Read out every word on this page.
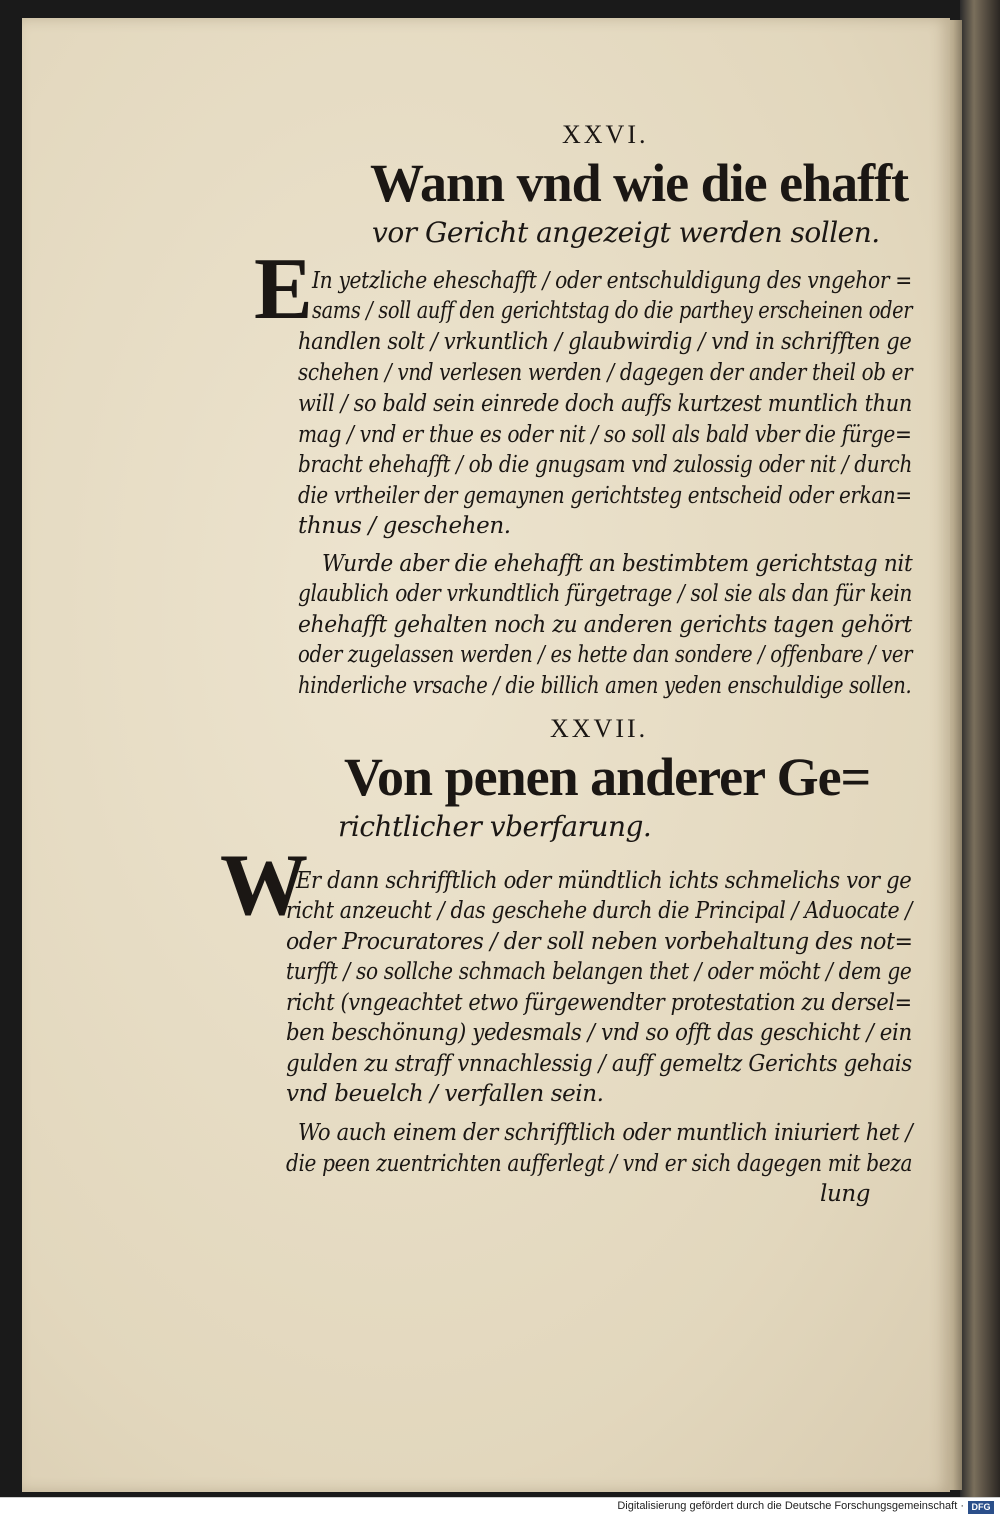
XXVI.
Wann vnd wie die ehafft
vor Gericht angezeigt werden sollen.
E In yetzliche eheschafft / oder entschuldigung des vngehor =
sams / soll auff den gerichtstag do die parthey erscheinen oder
handlen solt / vrkuntlich / glaubwirdig / vnd in schrifften ge
schehen / vnd verlesen werden / dagegen der ander theil ob er
will / so bald sein einrede doch auffs kurtzest muntlich thun
mag / vnd er thue es oder nit / so soll als bald vber die fürge=
bracht ehehafft / ob die gnugsam vnd zulossig oder nit / durch
die vrtheiler der gemaynen gerichtsteg entscheid oder erkan=
thnus / geschehen.
Wurde aber die ehehafft an bestimbtem gerichtstag nit
glaublich oder vrkundtlich fürgetrage / sol sie als dan für kein
ehehafft gehalten noch zu anderen gerichts tagen gehört
oder zugelassen werden / es hette dan sondere / offenbare / ver
hinderliche vrsache / die billich amen yeden enschuldige sollen.
XXVII.
Von penen anderer Ge=
richtlicher vberfarung.
W
Er dann schrifftlich oder mündtlich ichts schmelichs vor ge
richt anzeucht / das geschehe durch die Principal / Aduocate /
oder Procuratores / der soll neben vorbehaltung des not=
turfft / so sollche schmach belangen thet / oder möcht / dem ge
richt (vngeachtet etwo fürgewendter protestation zu dersel=
ben beschönung) yedesmals / vnd so offt das geschicht / ein
gulden zu straff vnnachlessig / auff gemeltz Gerichts gehais
vnd beuelch / verfallen sein.
Wo auch einem der schrifftlich oder muntlich iniuriert het /
die peen zuentrichten aufferlegt / vnd er sich dagegen mit beza
lung
Digitalisierung gefördert durch die Deutsche Forschungsgemeinschaft · DFG
